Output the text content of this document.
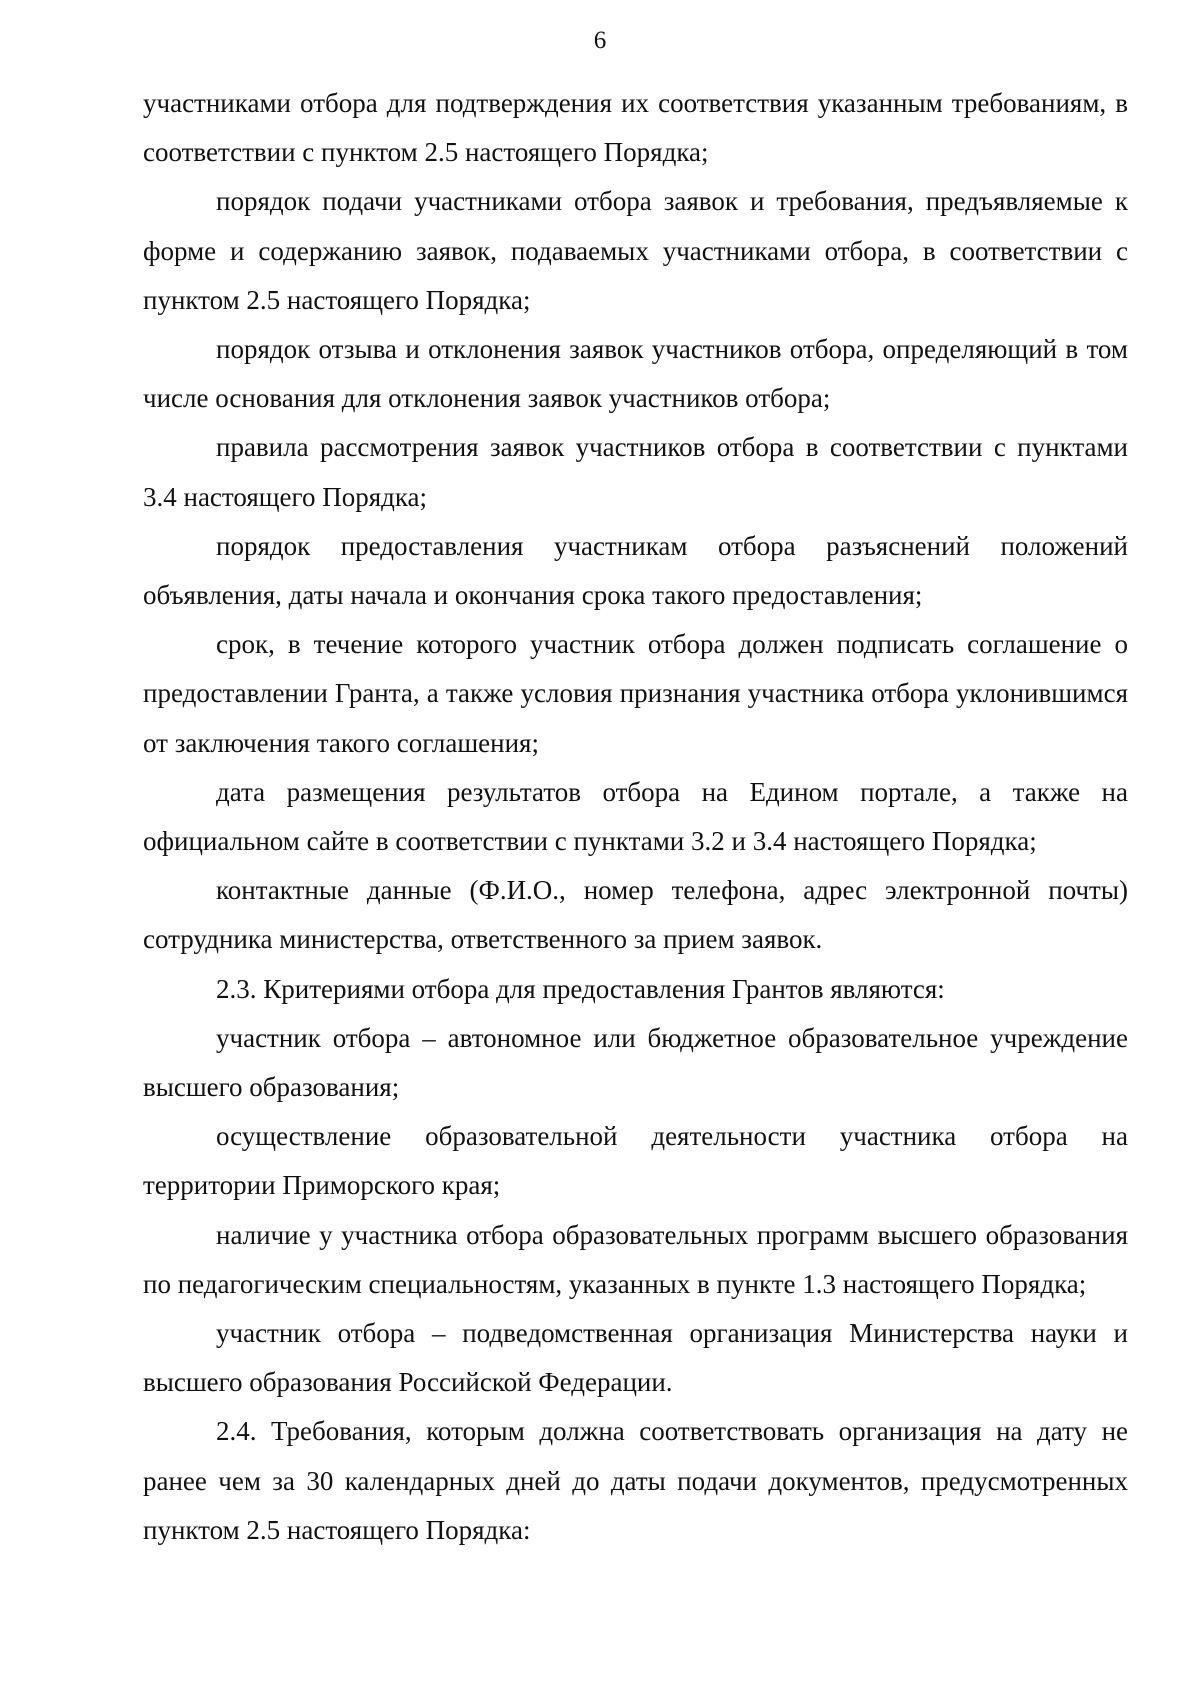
6

участниками отбора для подтверждения их соответствия указанным требованиям, в соответствии с пунктом 2.5 настоящего Порядка;

порядок подачи участниками отбора заявок и требования, предъявляемые к форме и содержанию заявок, подаваемых участниками отбора, в соответствии с пунктом 2.5 настоящего Порядка;

порядок отзыва и отклонения заявок участников отбора, определяющий в том числе основания для отклонения заявок участников отбора;

правила рассмотрения заявок участников отбора в соответствии с пунктами 3.4 настоящего Порядка;

порядок предоставления участникам отбора разъяснений положений объявления, даты начала и окончания срока такого предоставления;

срок, в течение которого участник отбора должен подписать соглашение о предоставлении Гранта, а также условия признания участника отбора уклонившимся от заключения такого соглашения;

дата размещения результатов отбора на Едином портале, а также на официальном сайте в соответствии с пунктами 3.2 и 3.4 настоящего Порядка;

контактные данные (Ф.И.О., номер телефона, адрес электронной почты) сотрудника министерства, ответственного за прием заявок.

2.3. Критериями отбора для предоставления Грантов являются:

участник отбора – автономное или бюджетное образовательное учреждение высшего образования;

осуществление образовательной деятельности участника отбора на территории Приморского края;

наличие у участника отбора образовательных программ высшего образования по педагогическим специальностям, указанных в пункте 1.3 настоящего Порядка;

участник отбора – подведомственная организация Министерства науки и высшего образования Российской Федерации.

2.4. Требования, которым должна соответствовать организация на дату не ранее чем за 30 календарных дней до даты подачи документов, предусмотренных пунктом 2.5 настоящего Порядка:
